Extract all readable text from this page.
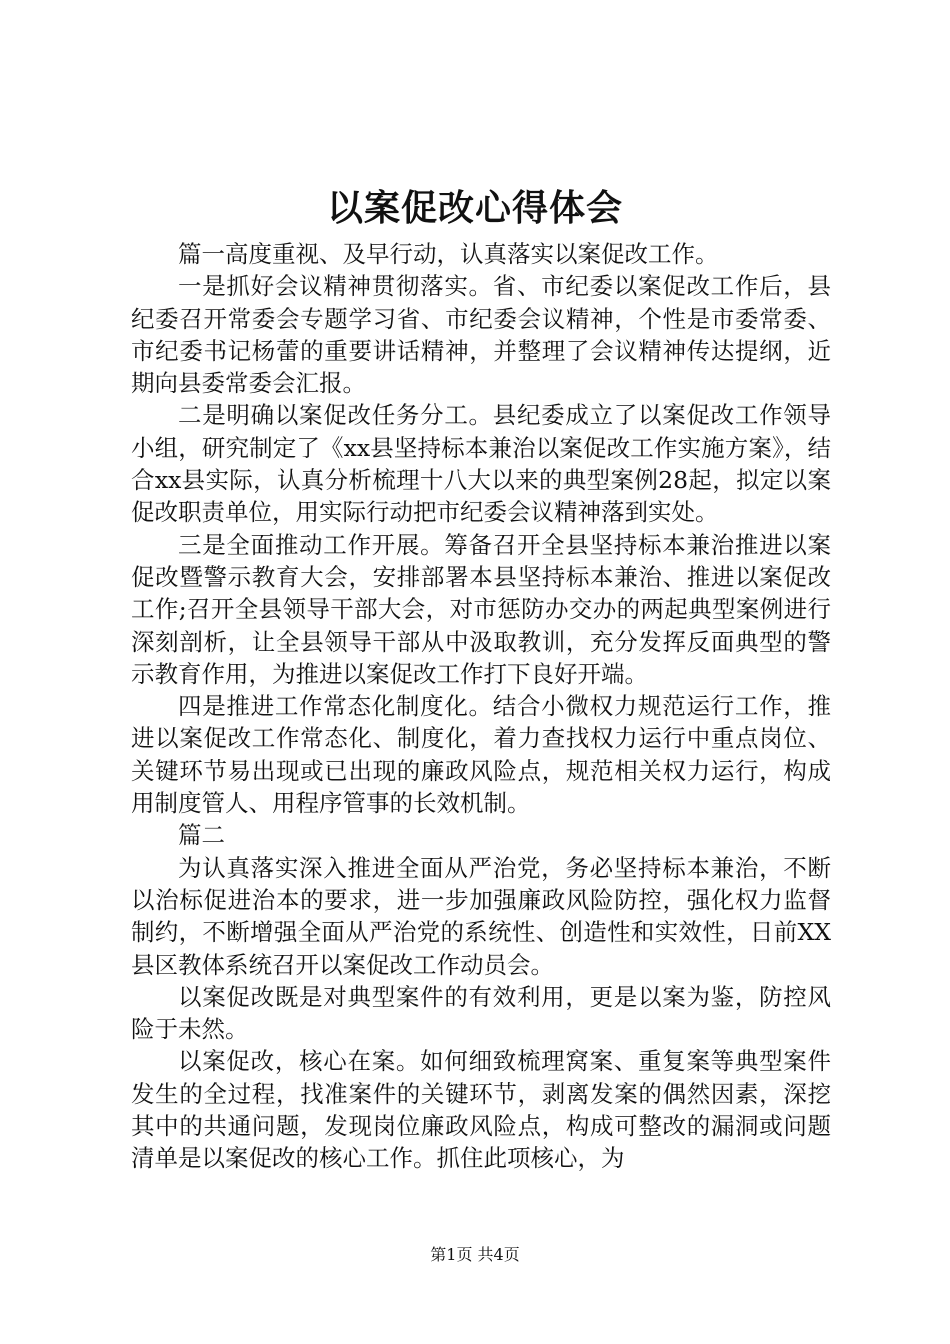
以案促改心得体会

篇一高度重视、及早行动，认真落实以案促改工作。

一是抓好会议精神贯彻落实。省、市纪委以案促改工作后，县纪委召开常委会专题学习省、市纪委会议精神，个性是市委常委、市纪委书记杨蕾的重要讲话精神，并整理了会议精神传达提纲，近期向县委常委会汇报。

二是明确以案促改任务分工。县纪委成立了以案促改工作领导小组，研究制定了《xx县坚持标本兼治以案促改工作实施方案》，结合xx县实际，认真分析梳理十八大以来的典型案例28起，拟定以案促改职责单位，用实际行动把市纪委会议精神落到实处。

三是全面推动工作开展。筹备召开全县坚持标本兼治推进以案促改暨警示教育大会，安排部署本县坚持标本兼治、推进以案促改工作;召开全县领导干部大会，对市惩防办交办的两起典型案例进行深刻剖析，让全县领导干部从中汲取教训，充分发挥反面典型的警示教育作用，为推进以案促改工作打下良好开端。

四是推进工作常态化制度化。结合小微权力规范运行工作，推进以案促改工作常态化、制度化，着力查找权力运行中重点岗位、关键环节易出现或已出现的廉政风险点，规范相关权力运行，构成用制度管人、用程序管事的长效机制。

篇二

为认真落实深入推进全面从严治党，务必坚持标本兼治，不断以治标促进治本的要求，进一步加强廉政风险防控，强化权力监督制约，不断增强全面从严治党的系统性、创造性和实效性，日前XX县区教体系统召开以案促改工作动员会。

以案促改既是对典型案件的有效利用，更是以案为鉴，防控风险于未然。

以案促改，核心在案。如何细致梳理窝案、重复案等典型案件发生的全过程，找准案件的关键环节，剥离发案的偶然因素，深挖其中的共通问题，发现岗位廉政风险点，构成可整改的漏洞或问题清单是以案促改的核心工作。抓住此项核心，为

第1页 共4页
